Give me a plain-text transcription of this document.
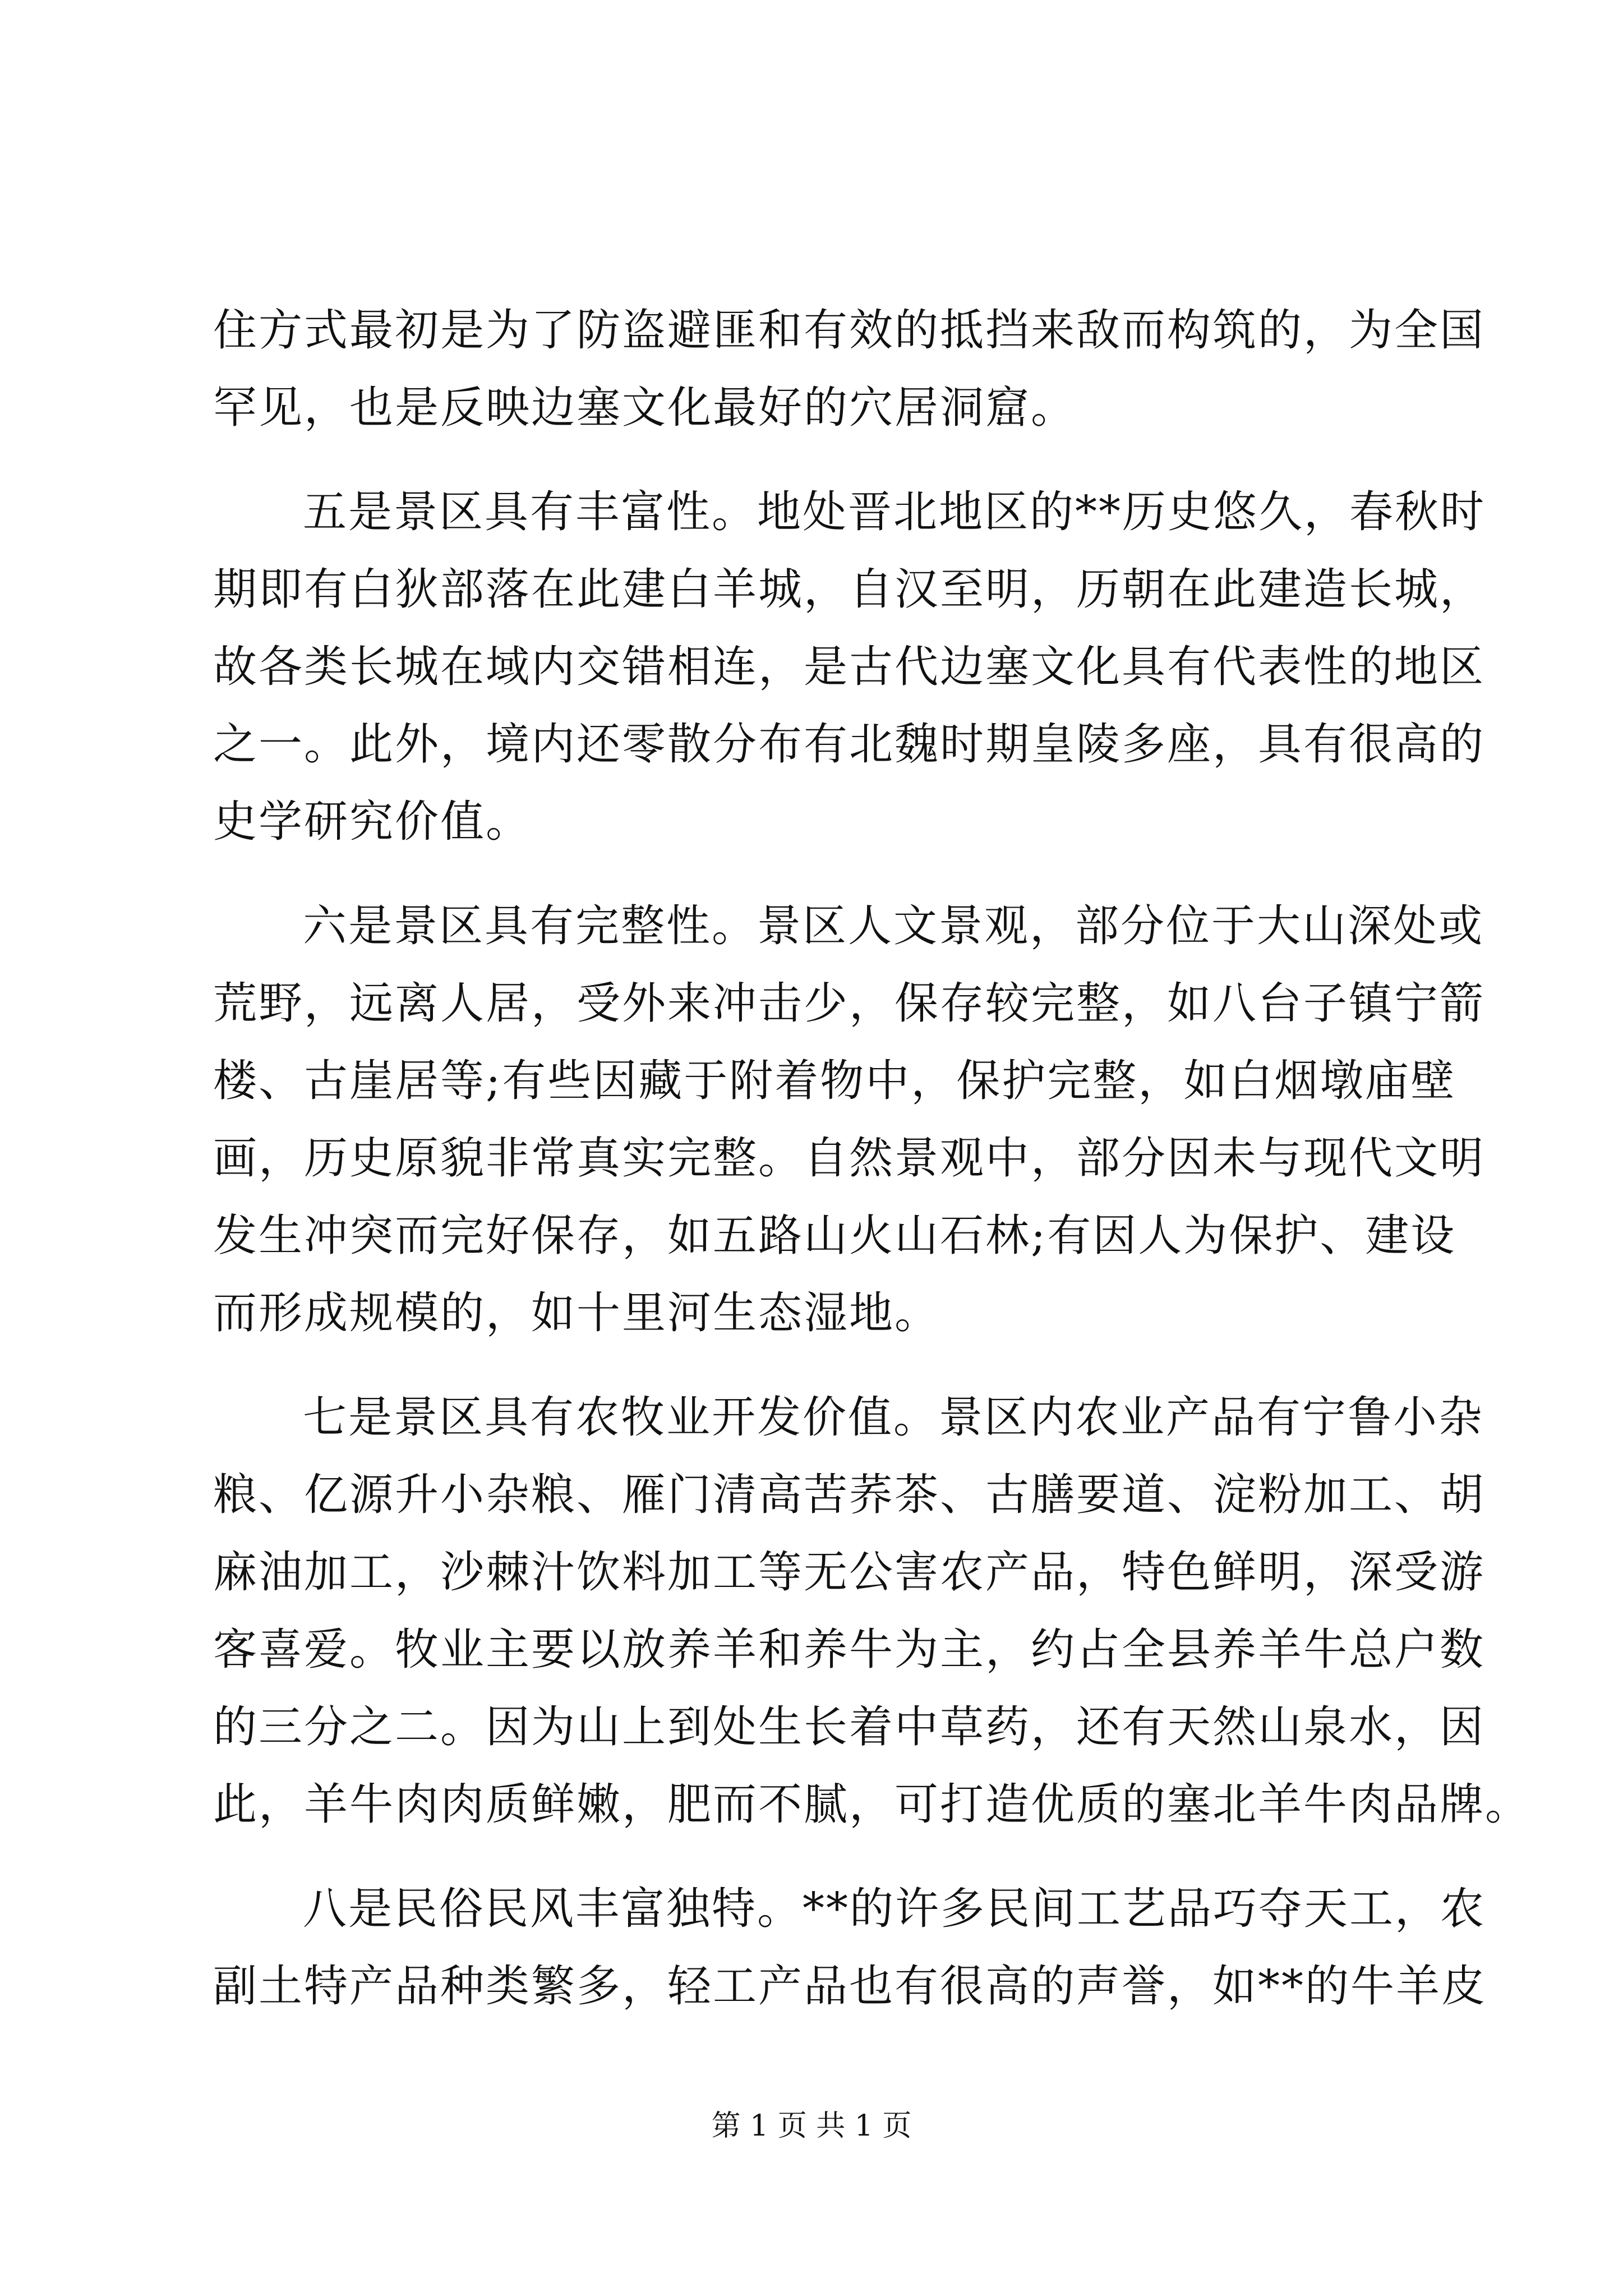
住方式最初是为了防盗避匪和有效的抵挡来敌而构筑的，为全国
罕见，也是反映边塞文化最好的穴居洞窟。
五是景区具有丰富性。地处晋北地区的**历史悠久，春秋时
期即有白狄部落在此建白羊城，自汉至明，历朝在此建造长城，
故各类长城在域内交错相连，是古代边塞文化具有代表性的地区
之一。此外，境内还零散分布有北魏时期皇陵多座，具有很高的
史学研究价值。
六是景区具有完整性。景区人文景观，部分位于大山深处或
荒野，远离人居，受外来冲击少，保存较完整，如八台子镇宁箭
楼、古崖居等;有些因藏于附着物中，保护完整，如白烟墩庙壁
画，历史原貌非常真实完整。自然景观中，部分因未与现代文明
发生冲突而完好保存，如五路山火山石林;有因人为保护、建设
而形成规模的，如十里河生态湿地。
七是景区具有农牧业开发价值。景区内农业产品有宁鲁小杂
粮、亿源升小杂粮、雁门清高苦荞茶、古膳要道、淀粉加工、胡
麻油加工，沙棘汁饮料加工等无公害农产品，特色鲜明，深受游
客喜爱。牧业主要以放养羊和养牛为主，约占全县养羊牛总户数
的三分之二。因为山上到处生长着中草药，还有天然山泉水，因
此，羊牛肉肉质鲜嫩，肥而不腻，可打造优质的塞北羊牛肉品牌。
八是民俗民风丰富独特。**的许多民间工艺品巧夺天工，农
副土特产品种类繁多，轻工产品也有很高的声誉，如**的牛羊皮
第 1 页 共 1 页
